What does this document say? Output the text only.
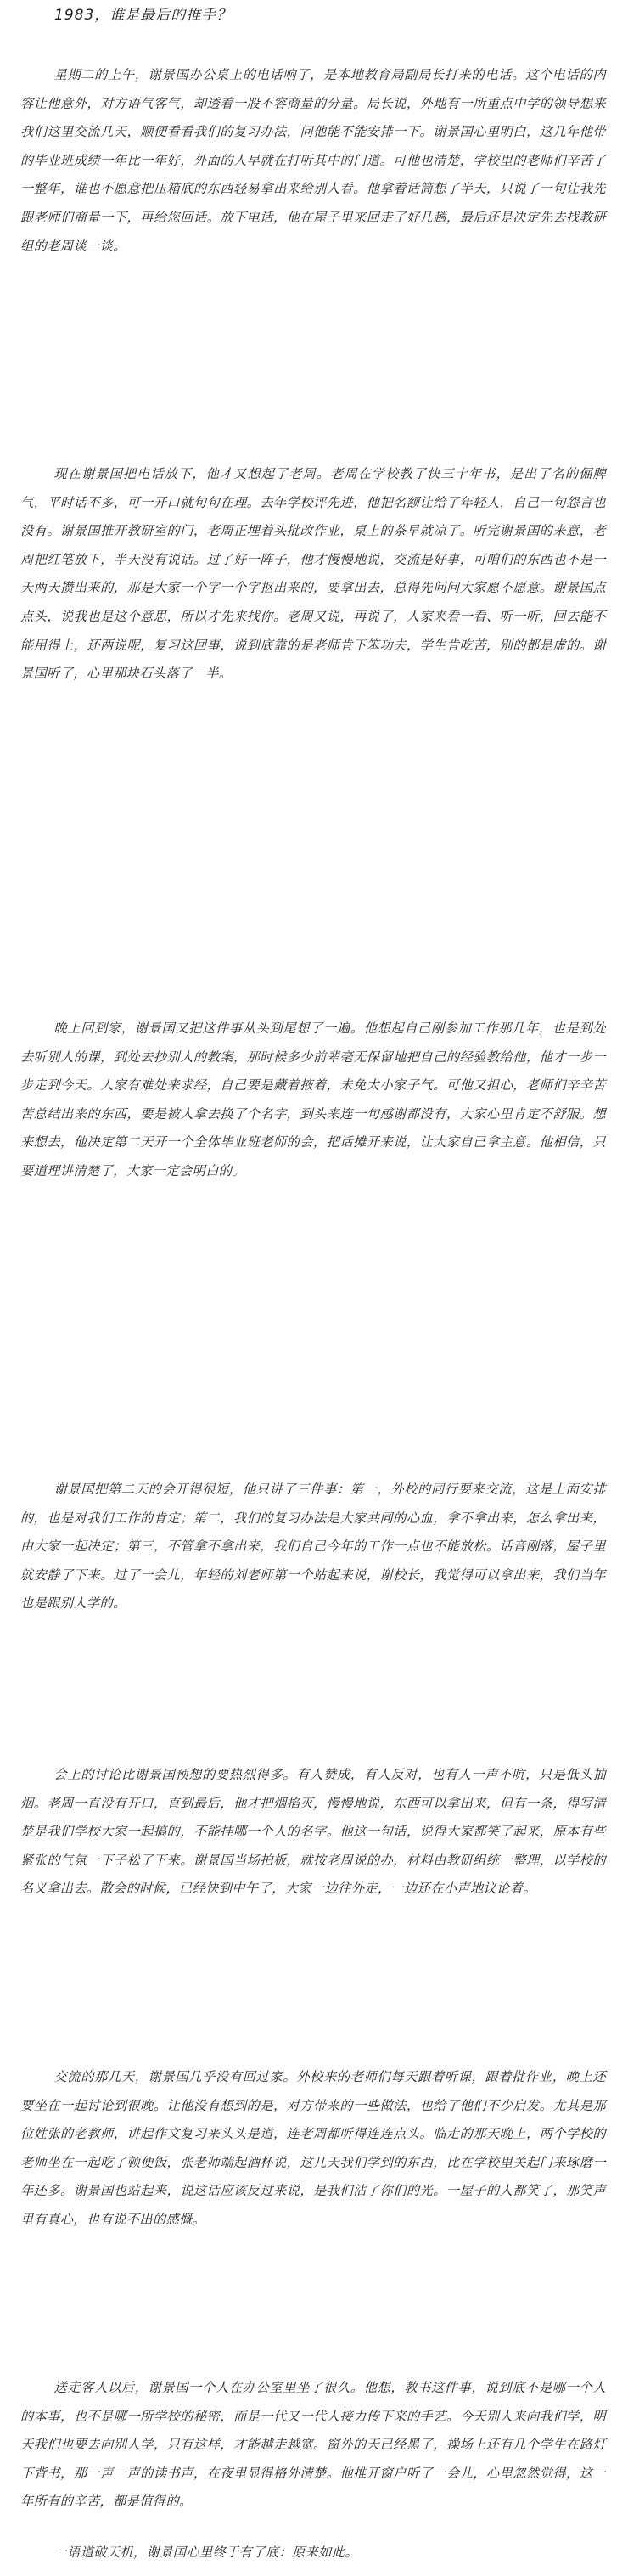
1983，谁是最后的推手？

星期二的上午，谢景国办公桌上的电话响了，是本地教育局副局长打来的电话。这个电话的内容让他意外，对方语气客气，却透着一股不容商量的分量。局长说，外地有一所重点中学的领导想来我们这里交流几天，顺便看看我们的复习办法，问他能不能安排一下。谢景国心里明白，这几年他带的毕业班成绩一年比一年好，外面的人早就在打听其中的门道。可他也清楚，学校里的老师们辛苦了一整年，谁也不愿意把压箱底的东西轻易拿出来给别人看。他拿着话筒想了半天，只说了一句让我先跟老师们商量一下，再给您回话。放下电话，他在屋子里来回走了好几趟，最后还是决定先去找教研组的老周谈一谈。

现在谢景国把电话放下，他才又想起了老周。老周在学校教了快三十年书，是出了名的倔脾气，平时话不多，可一开口就句句在理。去年学校评先进，他把名额让给了年轻人，自己一句怨言也没有。谢景国推开教研室的门，老周正埋着头批改作业，桌上的茶早就凉了。听完谢景国的来意，老周把红笔放下，半天没有说话。过了好一阵子，他才慢慢地说，交流是好事，可咱们的东西也不是一天两天攒出来的，那是大家一个字一个字抠出来的，要拿出去，总得先问问大家愿不愿意。谢景国点点头，说我也是这个意思，所以才先来找你。老周又说，再说了，人家来看一看、听一听，回去能不能用得上，还两说呢，复习这回事，说到底靠的是老师肯下笨功夫，学生肯吃苦，别的都是虚的。谢景国听了，心里那块石头落了一半。

晚上回到家，谢景国又把这件事从头到尾想了一遍。他想起自己刚参加工作那几年，也是到处去听别人的课，到处去抄别人的教案，那时候多少前辈毫无保留地把自己的经验教给他，他才一步一步走到今天。人家有难处来求经，自己要是藏着掖着，未免太小家子气。可他又担心，老师们辛辛苦苦总结出来的东西，要是被人拿去换了个名字，到头来连一句感谢都没有，大家心里肯定不舒服。想来想去，他决定第二天开一个全体毕业班老师的会，把话摊开来说，让大家自己拿主意。他相信，只要道理讲清楚了，大家一定会明白的。

谢景国把第二天的会开得很短，他只讲了三件事：第一，外校的同行要来交流，这是上面安排的，也是对我们工作的肯定；第二，我们的复习办法是大家共同的心血，拿不拿出来，怎么拿出来，由大家一起决定；第三，不管拿不拿出来，我们自己今年的工作一点也不能放松。话音刚落，屋子里就安静了下来。过了一会儿，年轻的刘老师第一个站起来说，谢校长，我觉得可以拿出来，我们当年也是跟别人学的。

会上的讨论比谢景国预想的要热烈得多。有人赞成，有人反对，也有人一声不吭，只是低头抽烟。老周一直没有开口，直到最后，他才把烟掐灭，慢慢地说，东西可以拿出来，但有一条，得写清楚是我们学校大家一起搞的，不能挂哪一个人的名字。他这一句话，说得大家都笑了起来，原本有些紧张的气氛一下子松了下来。谢景国当场拍板，就按老周说的办，材料由教研组统一整理，以学校的名义拿出去。散会的时候，已经快到中午了，大家一边往外走，一边还在小声地议论着。

交流的那几天，谢景国几乎没有回过家。外校来的老师们每天跟着听课，跟着批作业，晚上还要坐在一起讨论到很晚。让他没有想到的是，对方带来的一些做法，也给了他们不少启发。尤其是那位姓张的老教师，讲起作文复习来头头是道，连老周都听得连连点头。临走的那天晚上，两个学校的老师坐在一起吃了顿便饭，张老师端起酒杯说，这几天我们学到的东西，比在学校里关起门来琢磨一年还多。谢景国也站起来，说这话应该反过来说，是我们沾了你们的光。一屋子的人都笑了，那笑声里有真心，也有说不出的感慨。

送走客人以后，谢景国一个人在办公室里坐了很久。他想，教书这件事，说到底不是哪一个人的本事，也不是哪一所学校的秘密，而是一代又一代人接力传下来的手艺。今天别人来向我们学，明天我们也要去向别人学，只有这样，才能越走越宽。窗外的天已经黑了，操场上还有几个学生在路灯下背书，那一声一声的读书声，在夜里显得格外清楚。他推开窗户听了一会儿，心里忽然觉得，这一年所有的辛苦，都是值得的。

一语道破天机，谢景国心里终于有了底：原来如此。
